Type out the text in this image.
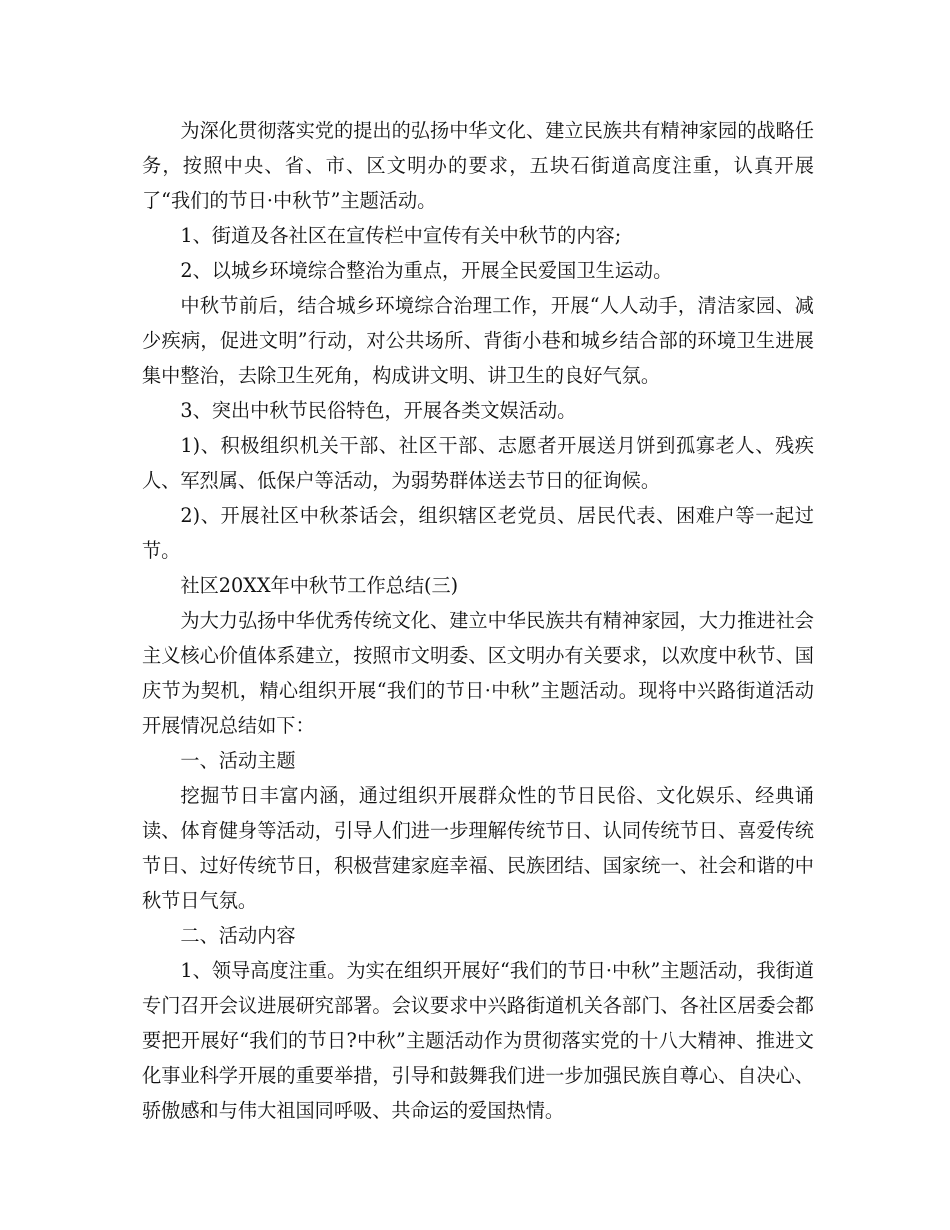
为深化贯彻落实党的提出的弘扬中华文化、建立民族共有精神家园的战略任务，按照中央、省、市、区文明办的要求，五块石街道高度注重，认真开展了“我们的节日·中秋节”主题活动。

1、街道及各社区在宣传栏中宣传有关中秋节的内容;

2、以城乡环境综合整治为重点，开展全民爱国卫生运动。

中秋节前后，结合城乡环境综合治理工作，开展“人人动手，清洁家园、减少疾病，促进文明”行动，对公共场所、背街小巷和城乡结合部的环境卫生进展集中整治，去除卫生死角，构成讲文明、讲卫生的良好气氛。

3、突出中秋节民俗特色，开展各类文娱活动。

1)、积极组织机关干部、社区干部、志愿者开展送月饼到孤寡老人、残疾人、军烈属、低保户等活动，为弱势群体送去节日的征询候。

2)、开展社区中秋茶话会，组织辖区老党员、居民代表、困难户等一起过节。

社区20XX年中秋节工作总结(三)

为大力弘扬中华优秀传统文化、建立中华民族共有精神家园，大力推进社会主义核心价值体系建立，按照市文明委、区文明办有关要求，以欢度中秋节、国庆节为契机，精心组织开展“我们的节日·中秋”主题活动。现将中兴路街道活动开展情况总结如下：

一、活动主题

挖掘节日丰富内涵，通过组织开展群众性的节日民俗、文化娱乐、经典诵读、体育健身等活动，引导人们进一步理解传统节日、认同传统节日、喜爱传统节日、过好传统节日，积极营建家庭幸福、民族团结、国家统一、社会和谐的中秋节日气氛。

二、活动内容

1、领导高度注重。为实在组织开展好“我们的节日·中秋”主题活动，我街道专门召开会议进展研究部署。会议要求中兴路街道机关各部门、各社区居委会都要把开展好“我们的节日?中秋”主题活动作为贯彻落实党的十八大精神、推进文化事业科学开展的重要举措，引导和鼓舞我们进一步加强民族自尊心、自决心、骄傲感和与伟大祖国同呼吸、共命运的爱国热情。
